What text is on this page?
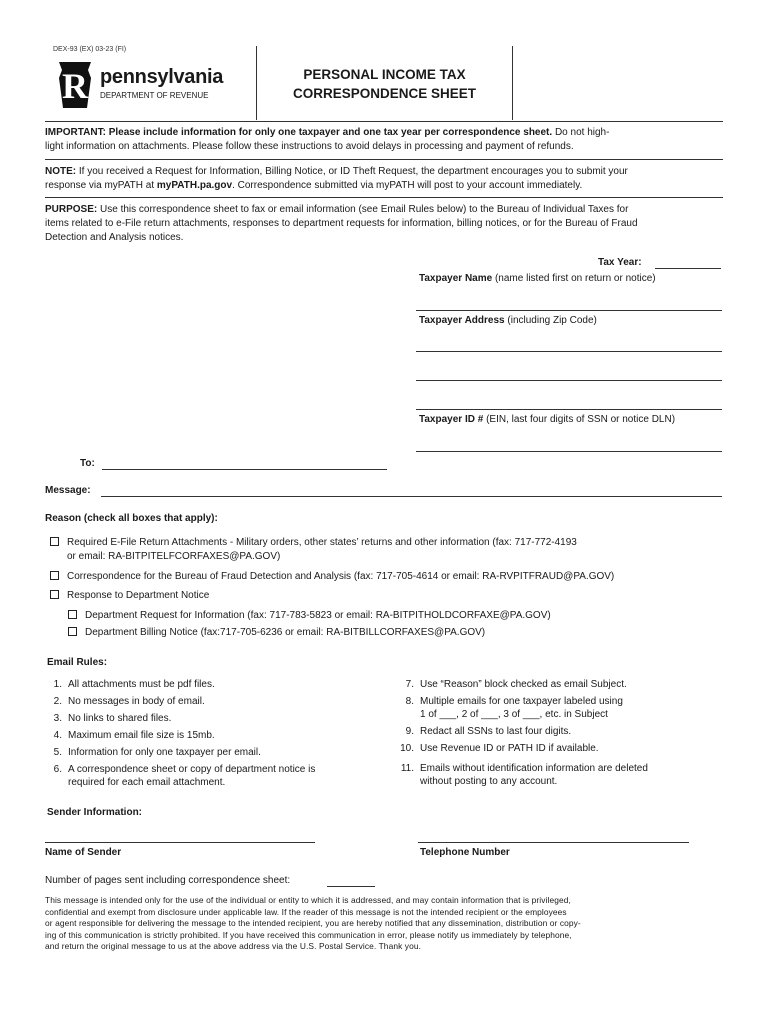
DEX-93 (EX) 03-23 (FI)
R pennsylvania
DEPARTMENT OF REVENUE
PERSONAL INCOME TAX
CORRESPONDENCE SHEET
IMPORTANT: Please include information for only one taxpayer and one tax year per correspondence sheet. Do not high-
light information on attachments. Please follow these instructions to avoid delays in processing and payment of refunds.
NOTE: If you received a Request for Information, Billing Notice, or ID Theft Request, the department encourages you to submit your
response via myPATH at myPATH.pa.gov. Correspondence submitted via myPATH will post to your account immediately.
PURPOSE: Use this correspondence sheet to fax or email information (see Email Rules below) to the Bureau of Individual Taxes for
items related to e-File return attachments, responses to department requests for information, billing notices, or for the Bureau of Fraud
Detection and Analysis notices.
Tax Year:
Taxpayer Name (name listed first on return or notice)
Taxpayer Address (including Zip Code)
Taxpayer ID # (EIN, last four digits of SSN or notice DLN)
To:
Message:
Reason (check all boxes that apply):
Required E-File Return Attachments - Military orders, other states’ returns and other information (fax: 717-772-4193
or email: RA-BITPITELFCORFAXES@PA.GOV)
Correspondence for the Bureau of Fraud Detection and Analysis (fax: 717-705-4614 or email: RA-RVPITFRAUD@PA.GOV)
Response to Department Notice
Department Request for Information (fax: 717-783-5823 or email: RA-BITPITHOLDCORFAXE@PA.GOV)
Department Billing Notice (fax:717-705-6236 or email: RA-BITBILLCORFAXES@PA.GOV)
Email Rules:
1. All attachments must be pdf files.
2. No messages in body of email.
3. No links to shared files.
4. Maximum email file size is 15mb.
5. Information for only one taxpayer per email.
6. A correspondence sheet or copy of department notice is
required for each email attachment.
7. Use “Reason” block checked as email Subject.
8. Multiple emails for one taxpayer labeled using
1 of ___, 2 of ___, 3 of ___, etc. in Subject
9. Redact all SSNs to last four digits.
10. Use Revenue ID or PATH ID if available.
11. Emails without identification information are deleted
without posting to any account.
Sender Information:
Name of Sender	Telephone Number
Number of pages sent including correspondence sheet:
This message is intended only for the use of the individual or entity to which it is addressed, and may contain information that is privileged,
confidential and exempt from disclosure under applicable law. If the reader of this message is not the intended recipient or the employees
or agent responsible for delivering the message to the intended recipient, you are hereby notified that any dissemination, distribution or copy-
ing of this communication is strictly prohibited. If you have received this communication in error, please notify us immediately by telephone,
and return the original message to us at the above address via the U.S. Postal Service. Thank you.
